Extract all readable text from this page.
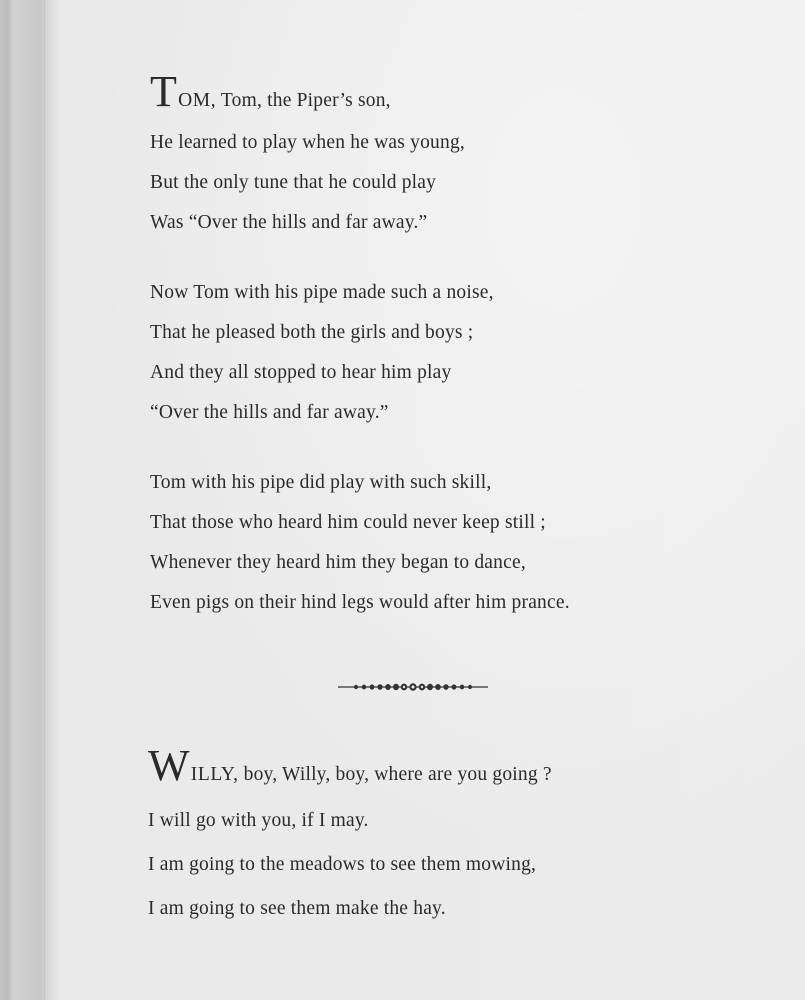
TOM, Tom, the Piper’s son,
He learned to play when he was young,
But the only tune that he could play
Was “Over the hills and far away.”
Now Tom with his pipe made such a noise,
That he pleased both the girls and boys ;
And they all stopped to hear him play
“Over the hills and far away.”
Tom with his pipe did play with such skill,
That those who heard him could never keep still ;
Whenever they heard him they began to dance,
Even pigs on their hind legs would after him prance.
WILLY, boy, Willy, boy, where are you going ?
I will go with you, if I may.
I am going to the meadows to see them mowing,
I am going to see them make the hay.
